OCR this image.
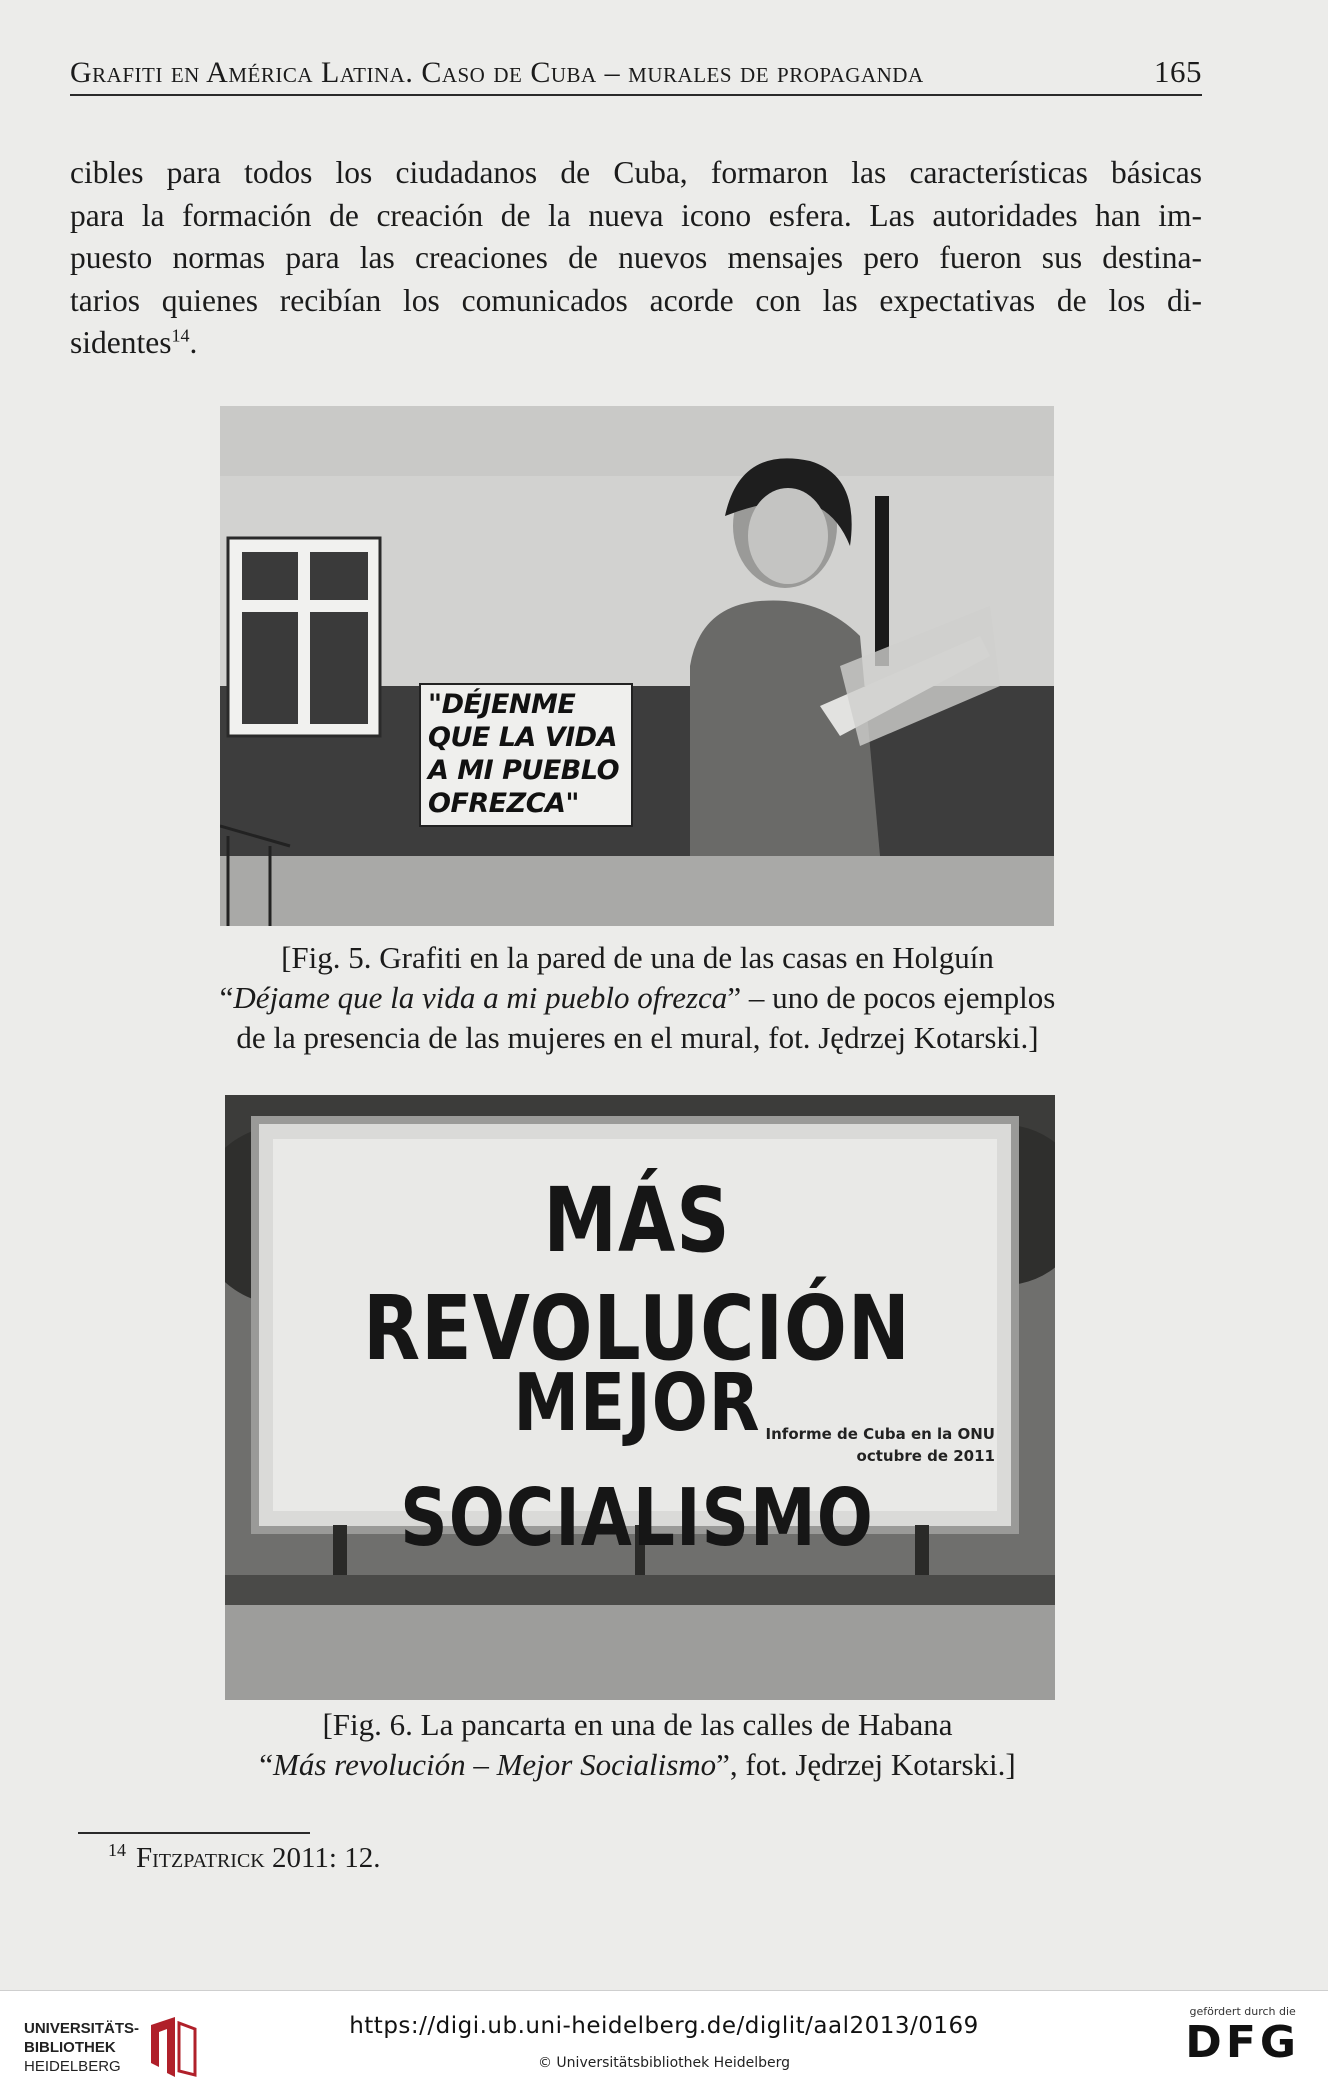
Grafiti en América Latina. Caso de Cuba – murales de propaganda	165
cibles para todos los ciudadanos de Cuba, formaron las características básicas
para la formación de creación de la nueva icono esfera. Las autoridades han im-
puesto normas para las creaciones de nuevos mensajes pero fueron sus destina-
tarios quienes recibían los comunicados acorde con las expectativas de los di-
sidentes$^{14}$.
"DÉJENME
QUE LA VIDA
A MI PUEBLO
OFREZCA"
[Fig. 5. Grafiti en la pared de una de las casas en Holguín
“Déjame que la vida a mi pueblo ofrezca” – uno de pocos ejemplos
de la presencia de las mujeres en el mural, fot. Jędrzej Kotarski.]
MÁS REVOLUCIÓN
MEJOR SOCIALISMO
Informe de Cuba en la ONU
octubre de 2011
[Fig. 6. La pancarta en una de las calles de Habana
“Más revolución – Mejor Socialismo”, fot. Jędrzej Kotarski.]
$^{14}$ Fitzpatrick 2011: 12.
UNIVERSITÄTS-
BIBLIOTHEK
HEIDELBERG
https://digi.ub.uni-heidelberg.de/diglit/aal2013/0169
© Universitätsbibliothek Heidelberg
gefördert durch die
DFG
